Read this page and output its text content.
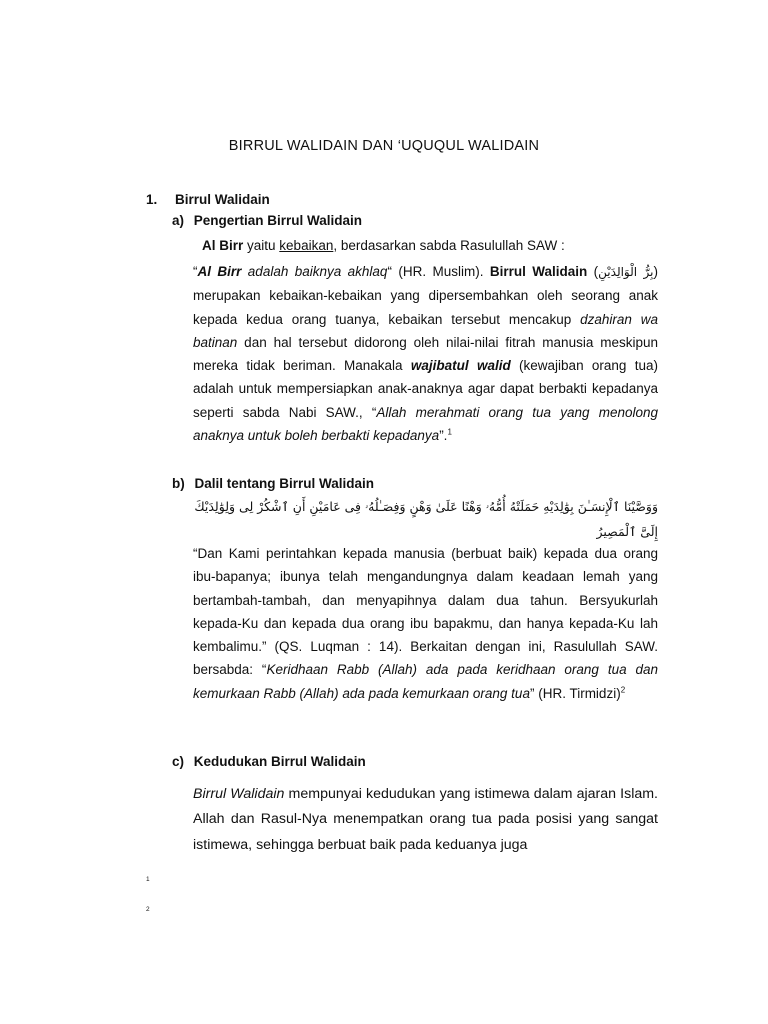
BIRRUL WALIDAIN DAN ‘UQUQUL WALIDAIN
1. Birrul Walidain
a) Pengertian Birrul Walidain
Al Birr yaitu kebaikan, berdasarkan sabda Rasulullah SAW :
“Al Birr adalah baiknya akhlaq“ (HR. Muslim). Birrul Walidain (الْوَالِدَيْنِ بِرُّ) merupakan kebaikan-kebaikan yang dipersembahkan oleh seorang anak kepada kedua orang tuanya, kebaikan tersebut mencakup dzahiran wa batinan dan hal tersebut didorong oleh nilai-nilai fitrah manusia meskipun mereka tidak beriman. Manakala wajibatul walid (kewajiban orang tua) adalah untuk mempersiapkan anak-anaknya agar dapat berbakti kepadanya seperti sabda Nabi SAW., “Allah merahmati orang tua yang menolong anaknya untuk boleh berbakti kepadanya”.$^1$
b) Dalil tentang Birrul Walidain
وَوَصَّيْنَا ٱلْإِنسَـٰنَ بِوَٰلِدَيْهِ حَمَلَتْهُ أُمُّهُۥ وَهْنًا عَلَىٰ وَهْنٍ وَفِصَـٰلُهُۥ فِى عَامَيْنِ أَنِ ٱشْكُرْ لِى وَلِوَٰلِدَيْكَ إِلَىَّ ٱلْمَصِيرُ
“Dan Kami perintahkan kepada manusia (berbuat baik) kepada dua orang ibu-bapanya; ibunya telah mengandungnya dalam keadaan lemah yang bertambah-tambah, dan menyapihnya dalam dua tahun. Bersyukurlah kepada-Ku dan kepada dua orang ibu bapakmu, dan hanya kepada-Ku lah kembalimu.” (QS. Luqman : 14). Berkaitan dengan ini, Rasulullah SAW. bersabda: “Keridhaan Rabb (Allah) ada pada keridhaan orang tua dan kemurkaan Rabb (Allah) ada pada kemurkaan orang tua” (HR. Tirmidzi)$^2$
c) Kedudukan Birrul Walidain
Birrul Walidain mempunyai kedudukan yang istimewa dalam ajaran Islam. Allah dan Rasul-Nya menempatkan orang tua pada posisi yang sangat istimewa, sehingga berbuat baik pada keduanya juga
1
2
